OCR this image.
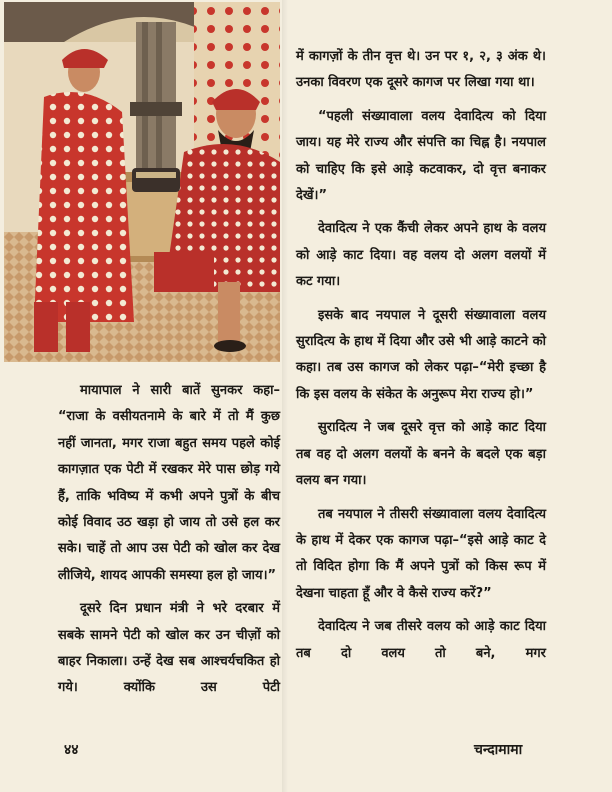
में कागज़ों के तीन वृत्त थे। उन पर १, २, ३ अंक थे। उनका विवरण एक दूसरे कागज पर लिखा गया था।

“पहली संख्यावाला वलय देवादित्य को दिया जाय। यह मेरे राज्य और संपत्ति का चिह्न है। नयपाल को चाहिए कि इसे आड़े कटवाकर, दो वृत्त बनाकर देखें।”

देवादित्य ने एक कैंची लेकर अपने हाथ के वलय को आड़े काट दिया। वह वलय दो अलग वलयों में कट गया।

इसके बाद नयपाल ने दूसरी संख्यावाला वलय सुरादित्य के हाथ में दिया और उसे भी आड़े काटने को कहा। तब उस कागज को लेकर पढ़ा–“मेरी इच्छा है कि इस वलय के संकेत के अनुरूप मेरा राज्य हो।”

सुरादित्य ने जब दूसरे वृत्त को आड़े काट दिया तब वह दो अलग वलयों के बनने के बदले एक बड़ा वलय बन गया।

तब नयपाल ने तीसरी संख्यावाला वलय देवादित्य के हाथ में देकर एक कागज पढ़ा–“इसे आड़े काट दे तो विदित होगा कि मैं अपने पुत्रों को किस रूप में देखना चाहता हूँ और वे कैसे राज्य करें?”

देवादित्य ने जब तीसरे वलय को आड़े काट दिया तब दो वलय तो बने, मगर

मायापाल ने सारी बातें सुनकर कहा– “राजा के वसीयतनामे के बारे में तो मैं कुछ नहीं जानता, मगर राजा बहुत समय पहले कोई कागज़ात एक पेटी में रखकर मेरे पास छोड़ गये हैं, ताकि भविष्य में कभी अपने पुत्रों के बीच कोई विवाद उठ खड़ा हो जाय तो उसे हल कर सके। चाहें तो आप उस पेटी को खोल कर देख लीजिये, शायद आपकी समस्या हल हो जाय।”

दूसरे दिन प्रधान मंत्री ने भरे दरबार में सबके सामने पेटी को खोल कर उन चीज़ों को बाहर निकाला। उन्हें देख सब आश्चर्यचकित हो गये। क्योंकि उस पेटी

४४	चन्दामामा
